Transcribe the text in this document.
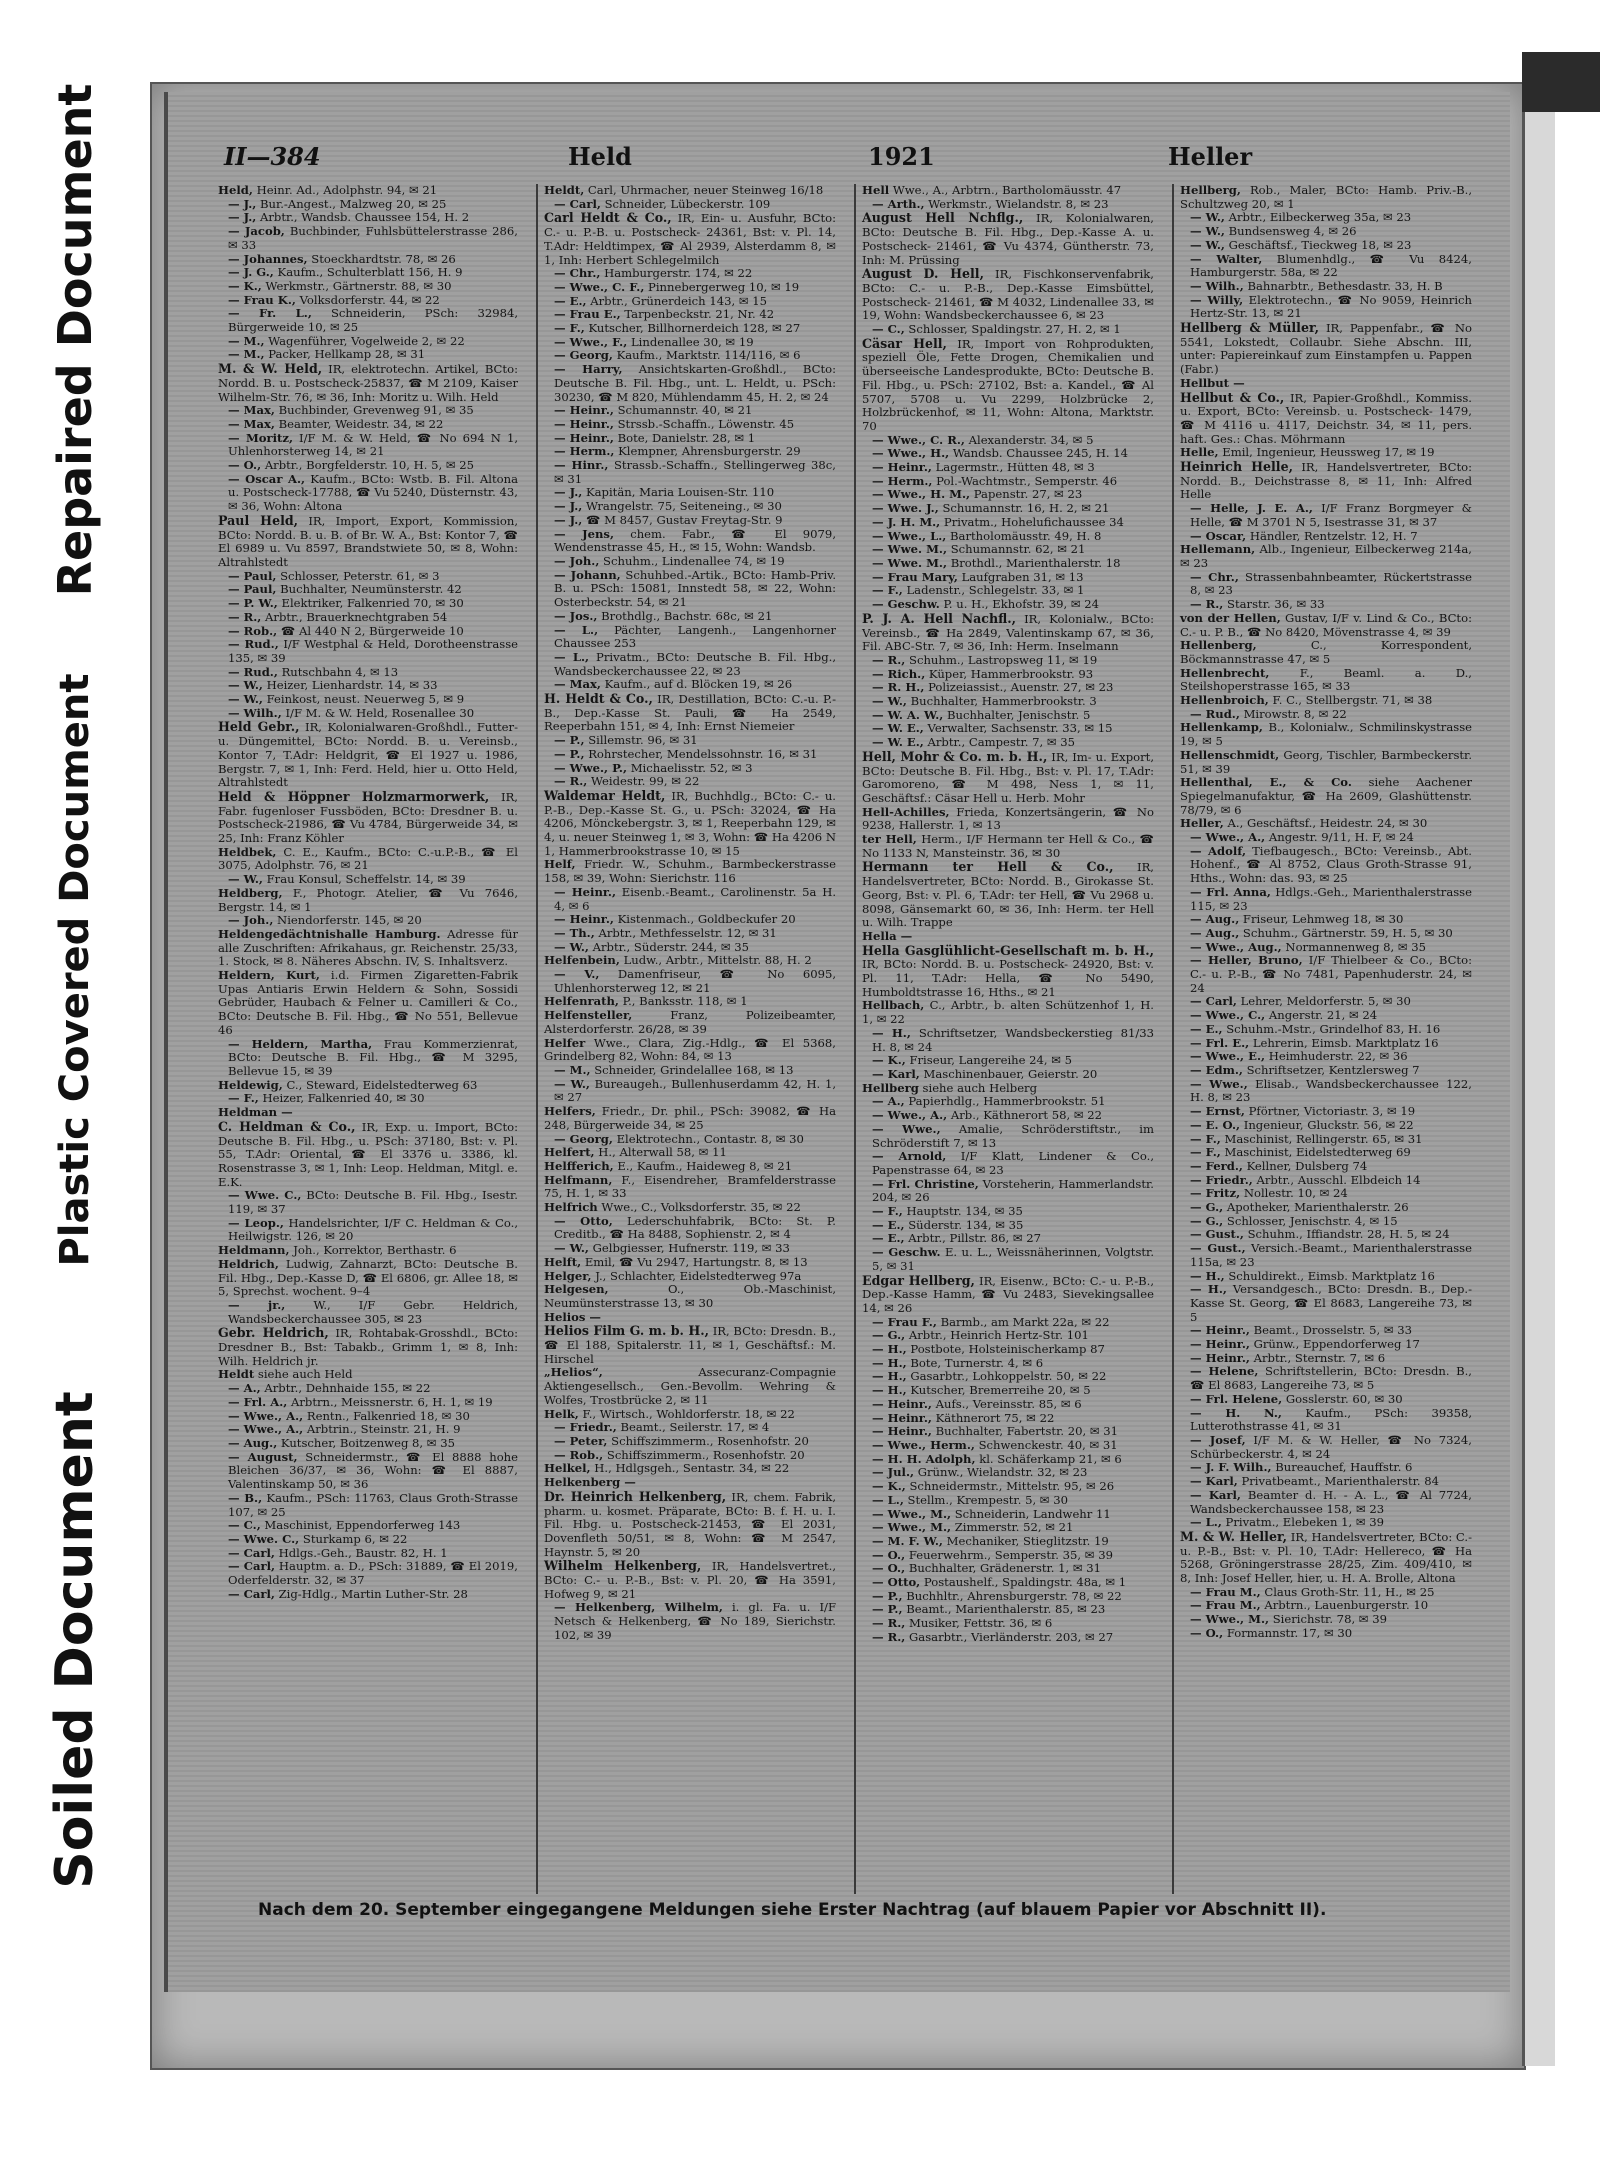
Repaired Document
Plastic Covered Document
Soiled Document
II—384	Held	1921	Heller

Held, Heinr. Ad., Adolphstr. 94, ✉ 21

— J., Bur.-Angest., Malzweg 20, ✉ 25

— J., Arbtr., Wandsb. Chaussee 154, H. 2

— Jacob, Buchbinder, Fuhlsbüttelerstrasse 286, ✉ 33

— Johannes, Stoeckhardtstr. 78, ✉ 26

— J. G., Kaufm., Schulterblatt 156, H. 9

— K., Werkmstr., Gärtnerstr. 88, ✉ 30

— Frau K., Volksdorferstr. 44, ✉ 22

— Fr. L., Schneiderin, PSch: 32984, Bürgerweide 10, ✉ 25

— M., Wagenführer, Vogelweide 2, ✉ 22

— M., Packer, Hellkamp 28, ✉ 31

M. & W. Held, IR, elektrotechn. Artikel, BCto: Nordd. B. u. Postscheck-25837, ☎ M 2109, Kaiser Wilhelm-Str. 76, ✉ 36, Inh: Moritz u. Wilh. Held

— Max, Buchbinder, Grevenweg 91, ✉ 35

— Max, Beamter, Weidestr. 34, ✉ 22

— Moritz, I/F M. & W. Held, ☎ No 694 N 1, Uhlenhorsterweg 14, ✉ 21

— O., Arbtr., Borgfelderstr. 10, H. 5, ✉ 25

— Oscar A., Kaufm., BCto: Wstb. B. Fil. Altona u. Postscheck-17788, ☎ Vu 5240, Düsternstr. 43, ✉ 36, Wohn: Altona

Paul Held, IR, Import, Export, Kommission, BCto: Nordd. B. u. B. of Br. W. A., Bst: Kontor 7, ☎ El 6989 u. Vu 8597, Brandstwiete 50, ✉ 8, Wohn: Altrahlstedt

— Paul, Schlosser, Peterstr. 61, ✉ 3

— Paul, Buchhalter, Neumünsterstr. 42

— P. W., Elektriker, Falkenried 70, ✉ 30

— R., Arbtr., Brauerknechtgraben 54

— Rob., ☎ Al 440 N 2, Bürgerweide 10

— Rud., I/F Westphal & Held, Dorotheenstrasse 135, ✉ 39

— Rud., Rutschbahn 4, ✉ 13

— W., Heizer, Lienhardstr. 14, ✉ 33

— W., Feinkost, neust. Neuerweg 5, ✉ 9

— Wilh., I/F M. & W. Held, Rosenallee 30

Held Gebr., IR, Kolonialwaren-Großhdl., Futter- u. Düngemittel, BCto: Nordd. B. u. Vereinsb., Kontor 7, T.Adr: Heldgrit, ☎ El 1927 u. 1986, Bergstr. 7, ✉ 1, Inh: Ferd. Held, hier u. Otto Held, Altrahlstedt

Held & Höppner Holzmarmorwerk, IR, Fabr. fugenloser Fussböden, BCto: Dresdner B. u. Postscheck-21986, ☎ Vu 4784, Bürgerweide 34, ✉ 25, Inh: Franz Köhler

Heldbek, C. E., Kaufm., BCto: C.-u.P.-B., ☎ El 3075, Adolphstr. 76, ✉ 21

— W., Frau Konsul, Scheffelstr. 14, ✉ 39

Heldberg, F., Photogr. Atelier, ☎ Vu 7646, Bergstr. 14, ✉ 1

— Joh., Niendorferstr. 145, ✉ 20

Heldengedächtnishalle Hamburg. Adresse für alle Zuschriften: Afrikahaus, gr. Reichenstr. 25/33, 1. Stock, ✉ 8. Näheres Abschn. IV, S. Inhaltsverz.

Heldern, Kurt, i.d. Firmen Zigaretten-Fabrik Upas Antiaris Erwin Heldern & Sohn, Sossidi Gebrüder, Haubach & Felner u. Camilleri & Co., BCto: Deutsche B. Fil. Hbg., ☎ No 551, Bellevue 46

— Heldern, Martha, Frau Kommerzienrat, BCto: Deutsche B. Fil. Hbg., ☎ M 3295, Bellevue 15, ✉ 39

Heldewig, C., Steward, Eidelstedterweg 63

— F., Heizer, Falkenried 40, ✉ 30

Heldman —

C. Heldman & Co., IR, Exp. u. Import, BCto: Deutsche B. Fil. Hbg., u. PSch: 37180, Bst: v. Pl. 55, T.Adr: Oriental, ☎ El 3376 u. 3386, kl. Rosenstrasse 3, ✉ 1, Inh: Leop. Heldman, Mitgl. e. E.K.

— Wwe. C., BCto: Deutsche B. Fil. Hbg., Isestr. 119, ✉ 37

— Leop., Handelsrichter, I/F C. Heldman & Co., Heilwigstr. 126, ✉ 20

Heldmann, Joh., Korrektor, Berthastr. 6

Heldrich, Ludwig, Zahnarzt, BCto: Deutsche B. Fil. Hbg., Dep.-Kasse D, ☎ El 6806, gr. Allee 18, ✉ 5, Sprechst. wochent. 9–4

— jr., W., I/F Gebr. Heldrich, Wandsbeckerchaussee 305, ✉ 23

Gebr. Heldrich, IR, Rohtabak-Grosshdl., BCto: Dresdner B., Bst: Tabakb., Grimm 1, ✉ 8, Inh: Wilh. Heldrich jr.

Heldt siehe auch Held

— A., Arbtr., Dehnhaide 155, ✉ 22

— Frl. A., Arbtrn., Meissnerstr. 6, H. 1, ✉ 19

— Wwe., A., Rentn., Falkenried 18, ✉ 30

— Wwe., A., Arbtrin., Steinstr. 21, H. 9

— Aug., Kutscher, Boitzenweg 8, ✉ 35

— August, Schneidermstr., ☎ El 8888 hohe Bleichen 36/37, ✉ 36, Wohn: ☎ El 8887, Valentinskamp 50, ✉ 36

— B., Kaufm., PSch: 11763, Claus Groth-Strasse 107, ✉ 25

— C., Maschinist, Eppendorferweg 143

— Wwe. C., Sturkamp 6, ✉ 22

— Carl, Hdlgs.-Geh., Baustr. 82, H. 1

— Carl, Hauptm. a. D., PSch: 31889, ☎ El 2019, Oderfelderstr. 32, ✉ 37

— Carl, Zig-Hdlg., Martin Luther-Str. 28

Heldt, Carl, Uhrmacher, neuer Steinweg 16/18

— Carl, Schneider, Lübeckerstr. 109

Carl Heldt & Co., IR, Ein- u. Ausfuhr, BCto: C.- u. P.-B. u. Postscheck- 24361, Bst: v. Pl. 14, T.Adr: Heldtimpex, ☎ Al 2939, Alsterdamm 8, ✉ 1, Inh: Herbert Schlegelmilch

— Chr., Hamburgerstr. 174, ✉ 22

— Wwe., C. F., Pinnebergerweg 10, ✉ 19

— E., Arbtr., Grünerdeich 143, ✉ 15

— Frau E., Tarpenbeckstr. 21, Nr. 42

— F., Kutscher, Billhornerdeich 128, ✉ 27

— Wwe., F., Lindenallee 30, ✉ 19

— Georg, Kaufm., Marktstr. 114/116, ✉ 6

— Harry, Ansichtskarten-Großhdl., BCto: Deutsche B. Fil. Hbg., unt. L. Heldt, u. PSch: 30230, ☎ M 820, Mühlendamm 45, H. 2, ✉ 24

— Heinr., Schumannstr. 40, ✉ 21

— Heinr., Strssb.-Schaffn., Löwenstr. 45

— Heinr., Bote, Danielstr. 28, ✉ 1

— Herm., Klempner, Ahrensburgerstr. 29

— Hinr., Strassb.-Schaffn., Stellingerweg 38c, ✉ 31

— J., Kapitän, Maria Louisen-Str. 110

— J., Wrangelstr. 75, Seiteneing., ✉ 30

— J., ☎ M 8457, Gustav Freytag-Str. 9

— Jens, chem. Fabr., ☎ El 9079, Wendenstrasse 45, H., ✉ 15, Wohn: Wandsb.

— Joh., Schuhm., Lindenallee 74, ✉ 19

— Johann, Schuhbed.-Artik., BCto: Hamb-Priv. B. u. PSch: 15081, Innstedt 58, ✉ 22, Wohn: Osterbeckstr. 54, ✉ 21

— Jos., Brothdlg., Bachstr. 68c, ✉ 21

— L., Pächter, Langenh., Langenhorner Chaussee 253

— L., Privatm., BCto: Deutsche B. Fil. Hbg., Wandsbeckerchaussee 22, ✉ 23

— Max, Kaufm., auf d. Blöcken 19, ✉ 26

H. Heldt & Co., IR, Destillation, BCto: C.-u. P.-B., Dep.-Kasse St. Pauli, ☎ Ha 2549, Reeperbahn 151, ✉ 4, Inh: Ernst Niemeier

— P., Sillemstr. 96, ✉ 31

— P., Rohrstecher, Mendelssohnstr. 16, ✉ 31

— Wwe., P., Michaelisstr. 52, ✉ 3

— R., Weidestr. 99, ✉ 22

Waldemar Heldt, IR, Buchhdlg., BCto: C.- u. P.-B., Dep.-Kasse St. G., u. PSch: 32024, ☎ Ha 4206, Mönckebergstr. 3, ✉ 1, Reeperbahn 129, ✉ 4, u. neuer Steinweg 1, ✉ 3, Wohn: ☎ Ha 4206 N 1, Hammerbrookstrasse 10, ✉ 15

Helf, Friedr. W., Schuhm., Barmbeckerstrasse 158, ✉ 39, Wohn: Sierichstr. 116

— Heinr., Eisenb.-Beamt., Carolinenstr. 5a H. 4, ✉ 6

— Heinr., Kistenmach., Goldbeckufer 20

— Th., Arbtr., Methfesselstr. 12, ✉ 31

— W., Arbtr., Süderstr. 244, ✉ 35

Helfenbein, Ludw., Arbtr., Mittelstr. 88, H. 2

— V., Damenfriseur, ☎ No 6095, Uhlenhorsterweg 12, ✉ 21

Helfenrath, P., Banksstr. 118, ✉ 1

Helfensteller,	Franz, Polizeibeamter, Alsterdorferstr. 26/28, ✉ 39

Helfer Wwe., Clara, Zig.-Hdlg., ☎ El 5368, Grindelberg 82, Wohn: 84, ✉ 13

— M., Schneider, Grindelallee 168, ✉ 13

— W., Bureaugeh., Bullenhuserdamm 42, H. 1, ✉ 27

Helfers, Friedr., Dr. phil., PSch: 39082, ☎ Ha 248, Bürgerweide 34, ✉ 25

— Georg, Elektrotechn., Contastr. 8, ✉ 30

Helfert, H., Alterwall 58, ✉ 11

Helfferich, E., Kaufm., Haideweg 8, ✉ 21

Helfmann, F., Eisendreher, Bramfelderstrasse 75, H. 1, ✉ 33

Helfrich Wwe., C., Volksdorferstr. 35, ✉ 22

— Otto, Lederschuhfabrik, BCto: St. P. Creditb., ☎ Ha 8488, Sophienstr. 2, ✉ 4

— W., Gelbgiesser, Hufnerstr. 119, ✉ 33

Helft, Emil, ☎ Vu 2947, Hartungstr. 8, ✉ 13

Helger, J., Schlachter, Eidelstedterweg 97a

Helgesen,	O., Ob.-Maschinist, Neumünsterstrasse 13, ✉ 30

Helios —

Helios Film G. m. b. H., IR, BCto: Dresdn. B., ☎ El 188, Spitalerstr. 11, ✉ 1, Geschäftsf.: M. Hirschel

„Helios“,	Assecuranz-Compagnie Aktiengesellsch., Gen.-Bevollm. Wehring & Wolfes, Trostbrücke 2, ✉ 11

Helk, F., Wirtsch., Wohldorferstr. 18, ✉ 22

— Friedr., Beamt., Seilerstr. 17, ✉ 4

— Peter, Schiffszimmerm., Rosenhofstr. 20

— Rob., Schiffszimmerm., Rosenhofstr. 20

Helkel, H., Hdlgsgeh., Sentastr. 34, ✉ 22

Helkenberg —

Dr. Heinrich Helkenberg, IR, chem. Fabrik, pharm. u. kosmet. Präparate, BCto: B. f. H. u. I. Fil. Hbg. u. Postscheck-21453, ☎ El 2031, Dovenfleth 50/51, ✉ 8, Wohn: ☎ M 2547, Haynstr. 5, ✉ 20

Wilhelm Helkenberg, IR, Handelsvertret., BCto: C.- u. P.-B., Bst: v. Pl. 20, ☎ Ha 3591, Hofweg 9, ✉ 21

— Helkenberg, Wilhelm, i. gl. Fa. u. I/F Netsch & Helkenberg, ☎ No 189, Sierichstr. 102, ✉ 39

Hell Wwe., A., Arbtrn., Bartholomäusstr. 47

— Arth., Werkmstr., Wielandstr. 8, ✉ 23

August Hell Nchflg., IR, Kolonialwaren, BCto: Deutsche B. Fil. Hbg., Dep.-Kasse A. u. Postscheck- 21461, ☎ Vu 4374, Güntherstr. 73, Inh: M. Prüssing

August D. Hell, IR, Fischkonservenfabrik, BCto: C.- u. P.-B., Dep.-Kasse Eimsbüttel, Postscheck- 21461, ☎ M 4032, Lindenallee 33, ✉ 19, Wohn: Wandsbeckerchaussee 6, ✉ 23

— C., Schlosser, Spaldingstr. 27, H. 2, ✉ 1

Cäsar Hell, IR, Import von Rohprodukten, speziell Öle, Fette Drogen, Chemikalien und überseeische Landesprodukte, BCto: Deutsche B. Fil. Hbg., u. PSch: 27102, Bst: a. Kandel., ☎ Al 5707, 5708 u. Vu 2299, Holzbrücke 2, Holzbrückenhof, ✉ 11, Wohn: Altona, Marktstr. 70

— Wwe., C. R., Alexanderstr. 34, ✉ 5

— Wwe., H., Wandsb. Chaussee 245, H. 14

— Heinr., Lagermstr., Hütten 48, ✉ 3

— Herm., Pol.-Wachtmstr., Semperstr. 46

— Wwe., H. M., Papenstr. 27, ✉ 23

— Wwe. J., Schumannstr. 16, H. 2, ✉ 21

— J. H. M., Privatm., Hohelufichaussee 34

— Wwe., L., Bartholomäusstr. 49, H. 8

— Wwe. M., Schumannstr. 62, ✉ 21

— Wwe. M., Brothdl., Marienthalerstr. 18

— Frau Mary, Laufgraben 31, ✉ 13

— F., Ladenstr., Schlegelstr. 33, ✉ 1

— Geschw. P. u. H., Ekhofstr. 39, ✉ 24

P. J. A. Hell Nachfl., IR, Kolonialw., BCto: Vereinsb., ☎ Ha 2849, Valentinskamp 67, ✉ 36, Fil. ABC-Str. 7, ✉ 36, Inh: Herm. Inselmann

— R., Schuhm., Lastropsweg 11, ✉ 19

— Rich., Küper, Hammerbrookstr. 93

— R. H., Polizeiassist., Auenstr. 27, ✉ 23

— W., Buchhalter, Hammerbrookstr. 3

— W. A. W., Buchhalter, Jenischstr. 5

— W. E., Verwalter, Sachsenstr. 33, ✉ 15

— W. E., Arbtr., Campestr. 7, ✉ 35

Hell, Mohr & Co. m. b. H., IR, Im- u. Export, BCto: Deutsche B. Fil. Hbg., Bst: v. Pl. 17, T.Adr: Garomoreno, ☎ M 498, Ness 1, ✉ 11, Geschäftsf.: Cäsar Hell u. Herb. Mohr

Hell-Achilles, Frieda, Konzertsängerin, ☎ No 9238, Hallerstr. 1, ✉ 13

ter Hell, Herm., I/F Hermann ter Hell & Co., ☎ No 1133 N, Mansteinstr. 36, ✉ 30

Hermann ter Hell & Co., IR, Handelsvertreter, BCto: Nordd. B., Girokasse St. Georg, Bst: v. Pl. 6, T.Adr: ter Hell, ☎ Vu 2968 u. 8098, Gänsemarkt 60, ✉ 36, Inh: Herm. ter Hell u. Wilh. Trappe

Hella —

Hella Gasglühlicht-Gesellschaft m. b. H., IR, BCto: Nordd. B. u. Postscheck- 24920, Bst: v. Pl. 11, T.Adr: Hella, ☎ No 5490, Humboldtstrasse 16, Hths., ✉ 21

Hellbach, C., Arbtr., b. alten Schützenhof 1, H. 1, ✉ 22

— H., Schriftsetzer, Wandsbeckerstieg 81/33 H. 8, ✉ 24

— K., Friseur, Langereihe 24, ✉ 5

— Karl, Maschinenbauer, Geierstr. 20

Hellberg siehe auch Helberg

— A., Papierhdlg., Hammerbrookstr. 51

— Wwe., A., Arb., Käthnerort 58, ✉ 22

— Wwe., Amalie, Schröderstiftstr., im Schröderstift 7, ✉ 13

— Arnold, I/F Klatt, Lindener & Co., Papenstrasse 64, ✉ 23

— Frl. Christine, Vorsteherin, Hammerlandstr. 204, ✉ 26

— F., Hauptstr. 134, ✉ 35

— E., Süderstr. 134, ✉ 35

— E., Arbtr., Pillstr. 86, ✉ 27

— Geschw. E. u. L., Weissnäherinnen, Volgtstr. 5, ✉ 31

Edgar Hellberg, IR, Eisenw., BCto: C.- u. P.-B., Dep.-Kasse Hamm, ☎ Vu 2483, Sievekingsallee 14, ✉ 26

— Frau F., Barmb., am Markt 22a, ✉ 22

— G., Arbtr., Heinrich Hertz-Str. 101

— H., Postbote, Holsteinischerkamp 87

— H., Bote, Turnerstr. 4, ✉ 6

— H., Gasarbtr., Lohkoppelstr. 50, ✉ 22

— H., Kutscher, Bremerreihe 20, ✉ 5

— Heinr., Aufs., Vereinsstr. 85, ✉ 6

— Heinr., Käthnerort 75, ✉ 22

— Heinr., Buchhalter, Fabertstr. 20, ✉ 31

— Wwe., Herm., Schwenckestr. 40, ✉ 31

— H. H. Adolph, kl. Schäferkamp 21, ✉ 6

— Jul., Grünw., Wielandstr. 32, ✉ 23

— K., Schneidermstr., Mittelstr. 95, ✉ 26

— L., Stellm., Krempestr. 5, ✉ 30

— Wwe., M., Schneiderin, Landwehr 11

— Wwe., M., Zimmerstr. 52, ✉ 21

— M. F. W., Mechaniker, Stieglitzstr. 19

— O., Feuerwehrm., Semperstr. 35, ✉ 39

— O., Buchhalter, Grädenerstr. 1, ✉ 31

— Otto, Postaushelf., Spaldingstr. 48a, ✉ 1

— P., Buchhltr., Ahrensburgerstr. 78, ✉ 22

— P., Beamt., Marienthalerstr. 85, ✉ 23

— R., Musiker, Fettstr. 36, ✉ 6

— R., Gasarbtr., Vierländerstr. 203, ✉ 27

Hellberg, Rob., Maler, BCto: Hamb. Priv.-B., Schultzweg 20, ✉ 1

— W., Arbtr., Eilbeckerweg 35a, ✉ 23

— W., Bundsensweg 4, ✉ 26

— W., Geschäftsf., Tieckweg 18, ✉ 23

— Walter, Blumenhdlg., ☎ Vu 8424, Hamburgerstr. 58a, ✉ 22

— Wilh., Bahnarbtr., Bethesdastr. 33, H. B

— Willy, Elektrotechn., ☎ No 9059, Heinrich Hertz-Str. 13, ✉ 21

Hellberg & Müller, IR, Pappenfabr., ☎ No 5541, Lokstedt, Collaubr. Siehe Abschn. III, unter: Papiereinkauf zum Einstampfen u. Pappen (Fabr.)

Hellbut —

Hellbut & Co., IR, Papier-Großhdl., Kommiss. u. Export, BCto: Vereinsb. u. Postscheck- 1479, ☎ M 4116 u. 4117, Deichstr. 34, ✉ 11, pers. haft. Ges.: Chas. Möhrmann

Helle, Emil, Ingenieur, Heussweg 17, ✉ 19

Heinrich Helle, IR, Handelsvertreter, BCto: Nordd. B., Deichstrasse 8, ✉ 11, Inh: Alfred Helle

— Helle, J. E. A., I/F Franz Borgmeyer & Helle, ☎ M 3701 N 5, Isestrasse 31, ✉ 37

— Oscar, Händler, Rentzelstr. 12, H. 7

Hellemann, Alb., Ingenieur, Eilbeckerweg 214a, ✉ 23

— Chr., Strassenbahnbeamter, Rückertstrasse 8, ✉ 23

— R., Starstr. 36, ✉ 33

von der Hellen, Gustav, I/F v. Lind & Co., BCto: C.- u. P. B., ☎ No 8420, Mövenstrasse 4, ✉ 39

Hellenberg,	C., Korrespondent, Böckmannstrasse 47, ✉ 5

Hellenbrecht,	F., Beaml. a. D., Steilshoperstrasse 165, ✉ 33

Hellenbroich, F. C., Stellbergstr. 71, ✉ 38

— Rud., Mirowstr. 8, ✉ 22

Hellenkamp, B., Kolonialw., Schmilinskystrasse 19, ✉ 5

Hellenschmidt, Georg, Tischler, Barmbeckerstr. 51, ✉ 39

Hellenthal, E., & Co. siehe Aachener Spiegelmanufaktur, ☎ Ha 2609, Glashüttenstr. 78/79, ✉ 6

Heller, A., Geschäftsf., Heidestr. 24, ✉ 30

— Wwe., A., Angestr. 9/11, H. F, ✉ 24

— Adolf, Tiefbaugesch., BCto: Vereinsb., Abt. Hohenf., ☎ Al 8752, Claus Groth-Strasse 91, Hths., Wohn: das. 93, ✉ 25

— Frl. Anna, Hdlgs.-Geh., Marienthalerstrasse 115, ✉ 23

— Aug., Friseur, Lehmweg 18, ✉ 30

— Aug., Schuhm., Gärtnerstr. 59, H. 5, ✉ 30

— Wwe., Aug., Normannenweg 8, ✉ 35

— Heller, Bruno, I/F Thielbeer & Co., BCto: C.- u. P.-B., ☎ No 7481, Papenhuderstr. 24, ✉ 24

— Carl, Lehrer, Meldorferstr. 5, ✉ 30

— Wwe., C., Angerstr. 21, ✉ 24

— E., Schuhm.-Mstr., Grindelhof 83, H. 16

— Frl. E., Lehrerin, Eimsb. Marktplatz 16

— Wwe., E., Heimhuderstr. 22, ✉ 36

— Edm., Schriftsetzer, Kentzlersweg 7

— Wwe., Elisab., Wandsbeckerchaussee 122, H. 8, ✉ 23

— Ernst, Pförtner, Victoriastr. 3, ✉ 19

— E. O., Ingenieur, Gluckstr. 56, ✉ 22

— F., Maschinist, Rellingerstr. 65, ✉ 31

— F., Maschinist, Eidelstedterweg 69

— Ferd., Kellner, Dulsberg 74

— Friedr., Arbtr., Ausschl. Elbdeich 14

— Fritz, Nollestr. 10, ✉ 24

— G., Apotheker, Marienthalerstr. 26

— G., Schlosser, Jenischstr. 4, ✉ 15

— Gust., Schuhm., Iffiandstr. 28, H. 5, ✉ 24

— Gust., Versich.-Beamt., Marienthalerstrasse 115a, ✉ 23

— H., Schuldirekt., Eimsb. Marktplatz 16

— H., Versandgesch., BCto: Dresdn. B., Dep.-Kasse St. Georg, ☎ El 8683, Langereihe 73, ✉ 5

— Heinr., Beamt., Drosselstr. 5, ✉ 33

— Heinr., Grünw., Eppendorferweg 17

— Heinr., Arbtr., Sternstr. 7, ✉ 6

— Helene, Schriftstellerin, BCto: Dresdn. B., ☎ El 8683, Langereihe 73, ✉ 5

— Frl. Helene, Gosslerstr. 60, ✉ 30

— H. N., Kaufm., PSch: 39358, Lutterothstrasse 41, ✉ 31

— Josef, I/F M. & W. Heller, ☎ No 7324, Schürbeckerstr. 4, ✉ 24

— J. F. Wilh., Bureauchef, Hauffstr. 6

— Karl, Privatbeamt., Marienthalerstr. 84

— Karl, Beamter d. H. - A. L., ☎ Al 7724, Wandsbeckerchaussee 158, ✉ 23

— L., Privatm., Elebeken 1, ✉ 39

M. & W. Heller, IR, Handelsvertreter, BCto: C.-u. P.-B., Bst: v. Pl. 10, T.Adr: Hellereco, ☎ Ha 5268, Gröningerstrasse 28/25, Zim. 409/410, ✉ 8, Inh: Josef Heller, hier, u. H. A. Brolle, Altona

— Frau M., Claus Groth-Str. 11, H., ✉ 25

— Frau M., Arbtrn., Lauenburgerstr. 10

— Wwe., M., Sierichstr. 78, ✉ 39

— O., Formannstr. 17, ✉ 30

Nach dem 20. September eingegangene Meldungen siehe Erster Nachtrag (auf blauem Papier vor Abschnitt II).
